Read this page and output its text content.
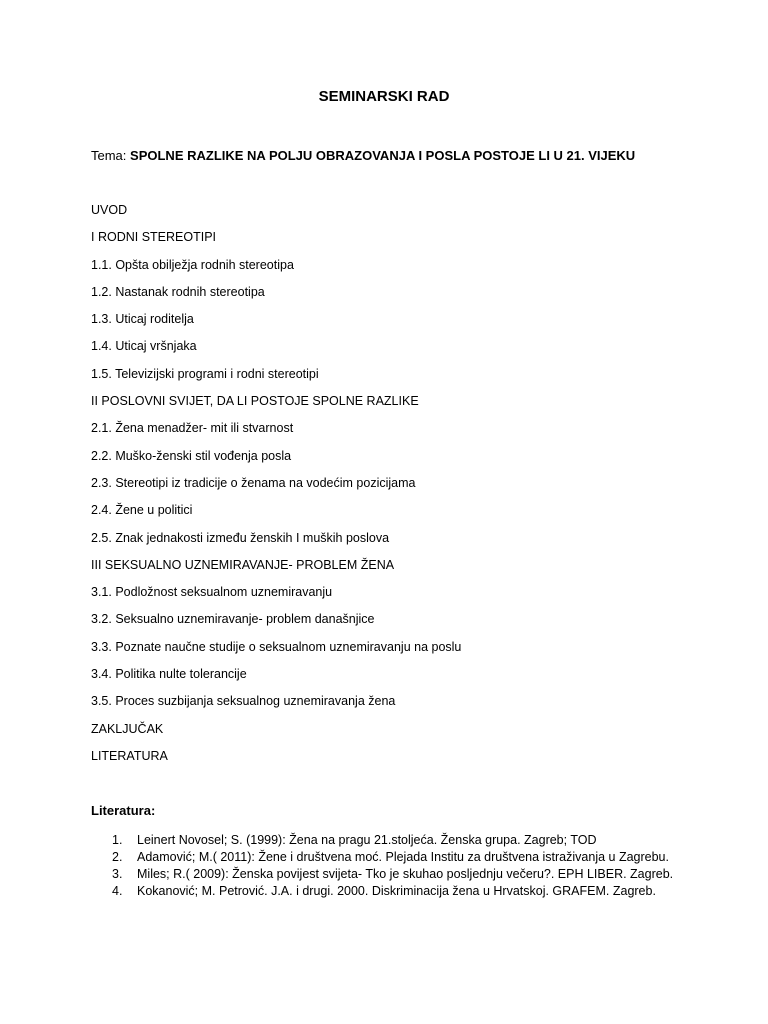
SEMINARSKI RAD
Tema: SPOLNE RAZLIKE NA POLJU OBRAZOVANJA I POSLA POSTOJE LI U 21. VIJEKU
UVOD
I RODNI STEREOTIPI
1.1. Opšta obilježja rodnih stereotipa
1.2. Nastanak rodnih stereotipa
1.3. Uticaj roditelja
1.4. Uticaj vršnjaka
1.5. Televizijski programi i rodni stereotipi
II POSLOVNI SVIJET, DA LI POSTOJE SPOLNE RAZLIKE
2.1. Žena menadžer- mit ili stvarnost
2.2. Muško-ženski stil vođenja posla
2.3. Stereotipi iz tradicije o ženama na vodećim pozicijama
2.4. Žene u politici
2.5. Znak jednakosti između ženskih I muških poslova
III SEKSUALNO UZNEMIRAVANJE- PROBLEM ŽENA
3.1. Podložnost seksualnom uznemiravanju
3.2. Seksualno uznemiravanje- problem današnjice
3.3. Poznate naučne studije o seksualnom uznemiravanju na poslu
3.4. Politika nulte tolerancije
3.5. Proces suzbijanja seksualnog uznemiravanja žena
ZAKLJUČAK
LITERATURA
Literatura:
1. Leinert Novosel; S. (1999): Žena na pragu 21.stoljeća. Ženska grupa. Zagreb; TOD
2. Adamović; M.( 2011): Žene i društvena moć. Plejada Institu za društvena istraživanja u Zagrebu.
3. Miles; R.( 2009): Ženska povijest svijeta- Tko je skuhao posljednju večeru?. EPH LIBER. Zagreb.
4. Kokanović; M. Petrović. J.A. i drugi. 2000. Diskriminacija žena u Hrvatskoj. GRAFEM. Zagreb.
